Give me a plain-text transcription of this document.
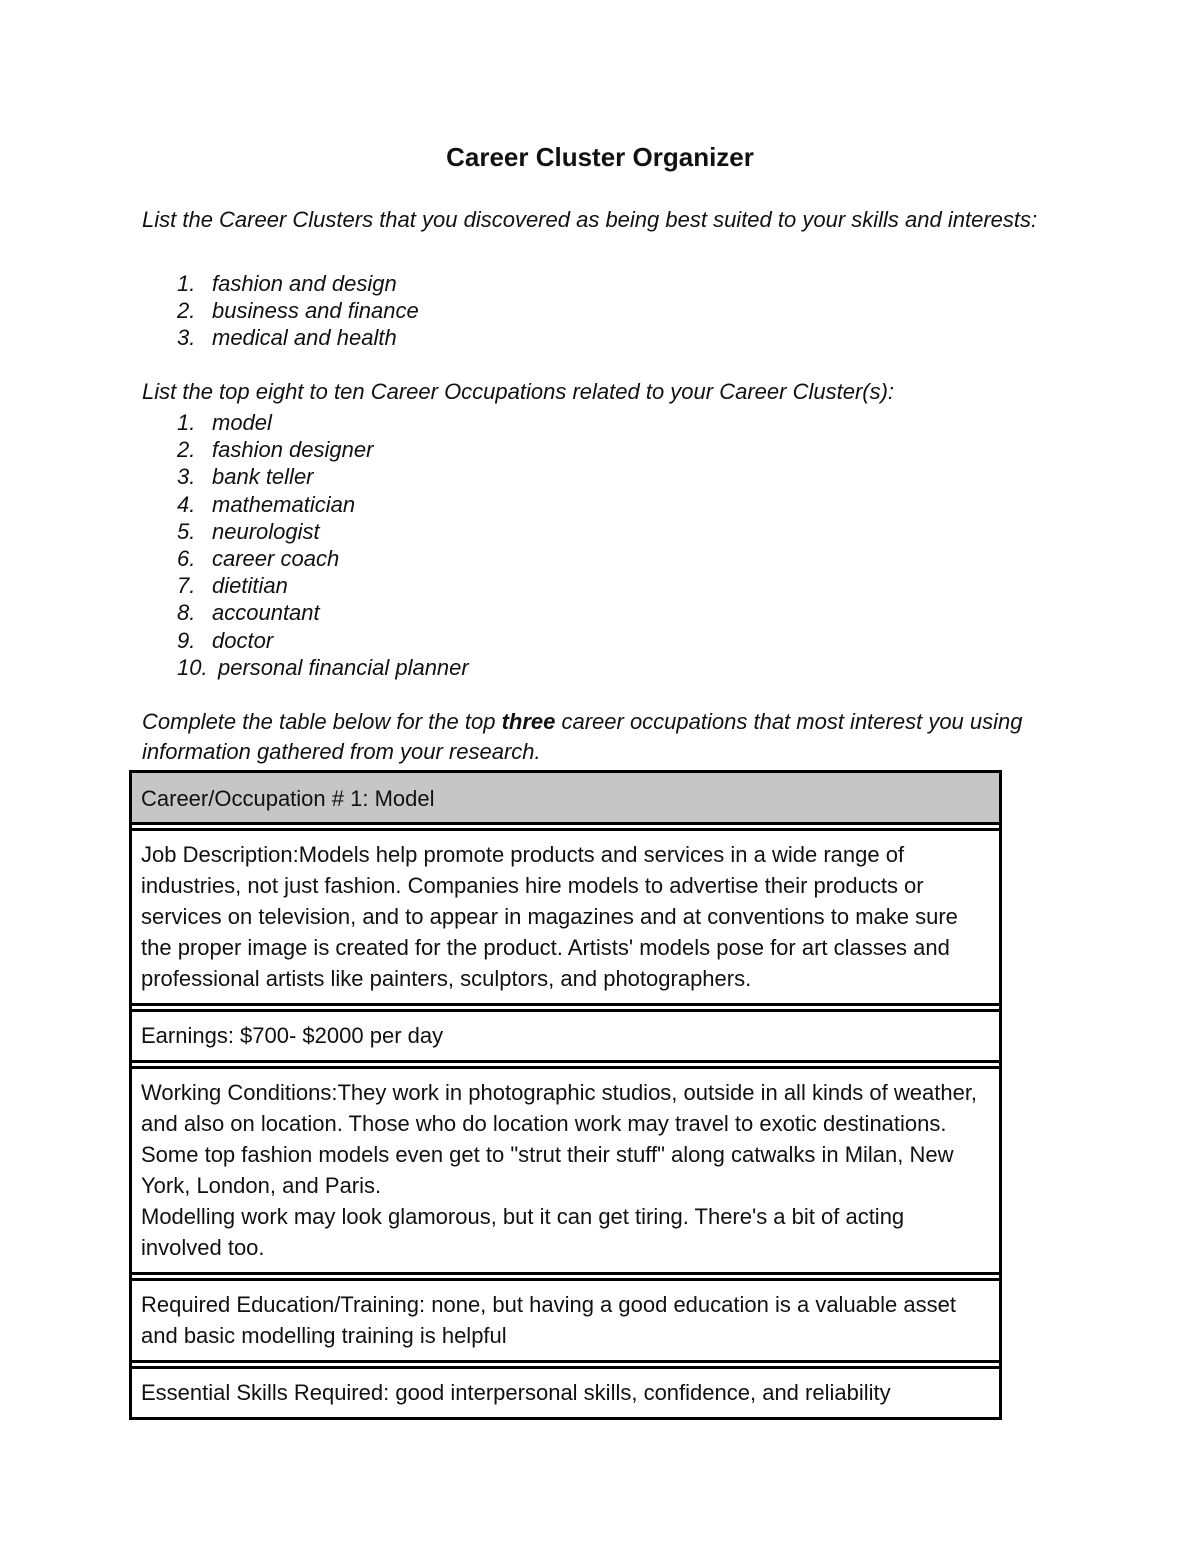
Career Cluster Organizer
List the Career Clusters that you discovered as being best suited to your skills and interests:
1. fashion and design
2. business and finance
3. medical and health
List the top eight to ten Career Occupations related to your Career Cluster(s):
1. model
2. fashion designer
3. bank teller
4. mathematician
5. neurologist
6. career coach
7. dietitian
8. accountant
9. doctor
10. personal financial planner
Complete the table below for the top three career occupations that most interest you using information gathered from your research.
Career/Occupation # 1: Model
Job Description:Models help promote products and services in a wide range of industries, not just fashion. Companies hire models to advertise their products or services on television, and to appear in magazines and at conventions to make sure the proper image is created for the product. Artists' models pose for art classes and professional artists like painters, sculptors, and photographers.
Earnings: $700- $2000 per day

Working Conditions:They work in photographic studios, outside in all kinds of weather, and also on location. Those who do location work may travel to exotic destinations. Some top fashion models even get to "strut their stuff" along catwalks in Milan, New York, London, and Paris.

Modelling work may look glamorous, but it can get tiring. There's a bit of acting involved too.

Required Education/Training: none, but having a good education is a valuable asset and basic modelling training is helpful
Essential Skills Required: good interpersonal skills, confidence, and reliability
